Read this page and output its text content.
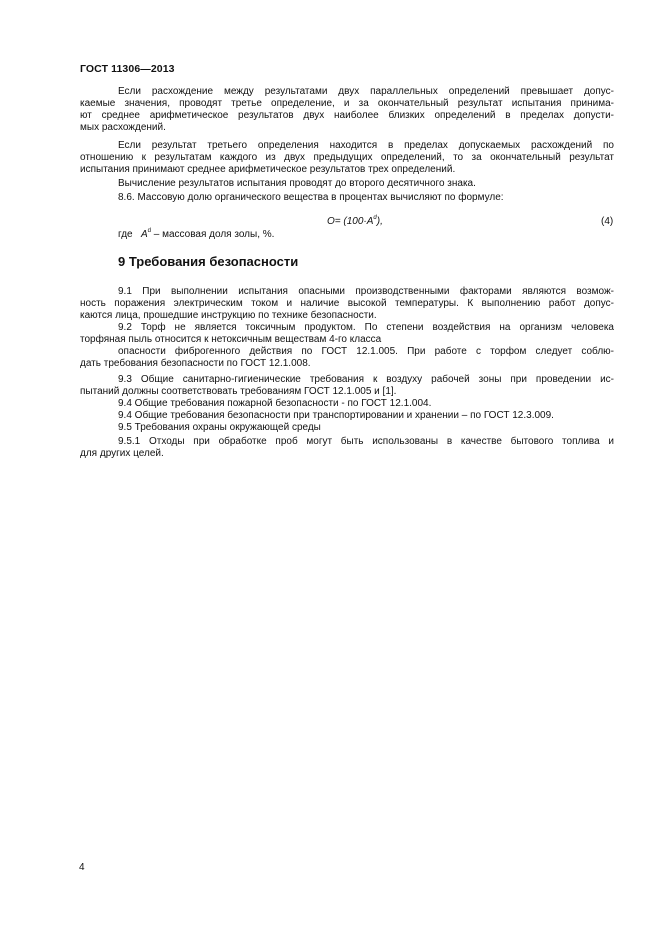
ГОСТ 11306—2013
Если расхождение между результатами двух параллельных определений превышает допус-
каемые значения, проводят третье определение, и за окончательный результат испытания принима-
ют среднее арифметическое результатов двух наиболее близких определений в пределах допусти-
мых расхождений.
Если результат третьего определения находится в пределах допускаемых расхождений по
отношению к результатам каждого из двух предыдущих определений, то за окончательный результат
испытания принимают среднее арифметическое результатов трех определений.
Вычисление результатов испытания проводят до второго десятичного знака.
8.6. Массовую долю органического вещества в процентах вычисляют по формуле:
$O= (100\cdot A^d)$,	(4)
где $A^d$ – массовая доля золы, %.
9 Требования безопасности
9.1 При выполнении испытания опасными производственными факторами являются возмож-
ность поражения электрическим током и наличие высокой температуры. К выполнению работ допус-
каются лица, прошедшие инструкцию по технике безопасности.
9.2 Торф не является токсичным продуктом. По степени воздействия на организм человека
торфяная пыль относится к нетоксичным веществам 4-го класса
опасности фиброгенного действия по ГОСТ 12.1.005. При работе с торфом следует соблю-
дать требования безопасности по ГОСТ 12.1.008.
9.3 Общие санитарно-гигиенические требования к воздуху рабочей зоны при проведении ис-
пытаний должны соответствовать требованиям ГОСТ 12.1.005 и [1].
9.4 Общие требования пожарной безопасности - по ГОСТ 12.1.004.
9.4 Общие требования безопасности при транспортировании и хранении – по ГОСТ 12.3.009.
9.5 Требования охраны окружающей среды
9.5.1 Отходы при обработке проб могут быть использованы в качестве бытового топлива и
для других целей.
4
